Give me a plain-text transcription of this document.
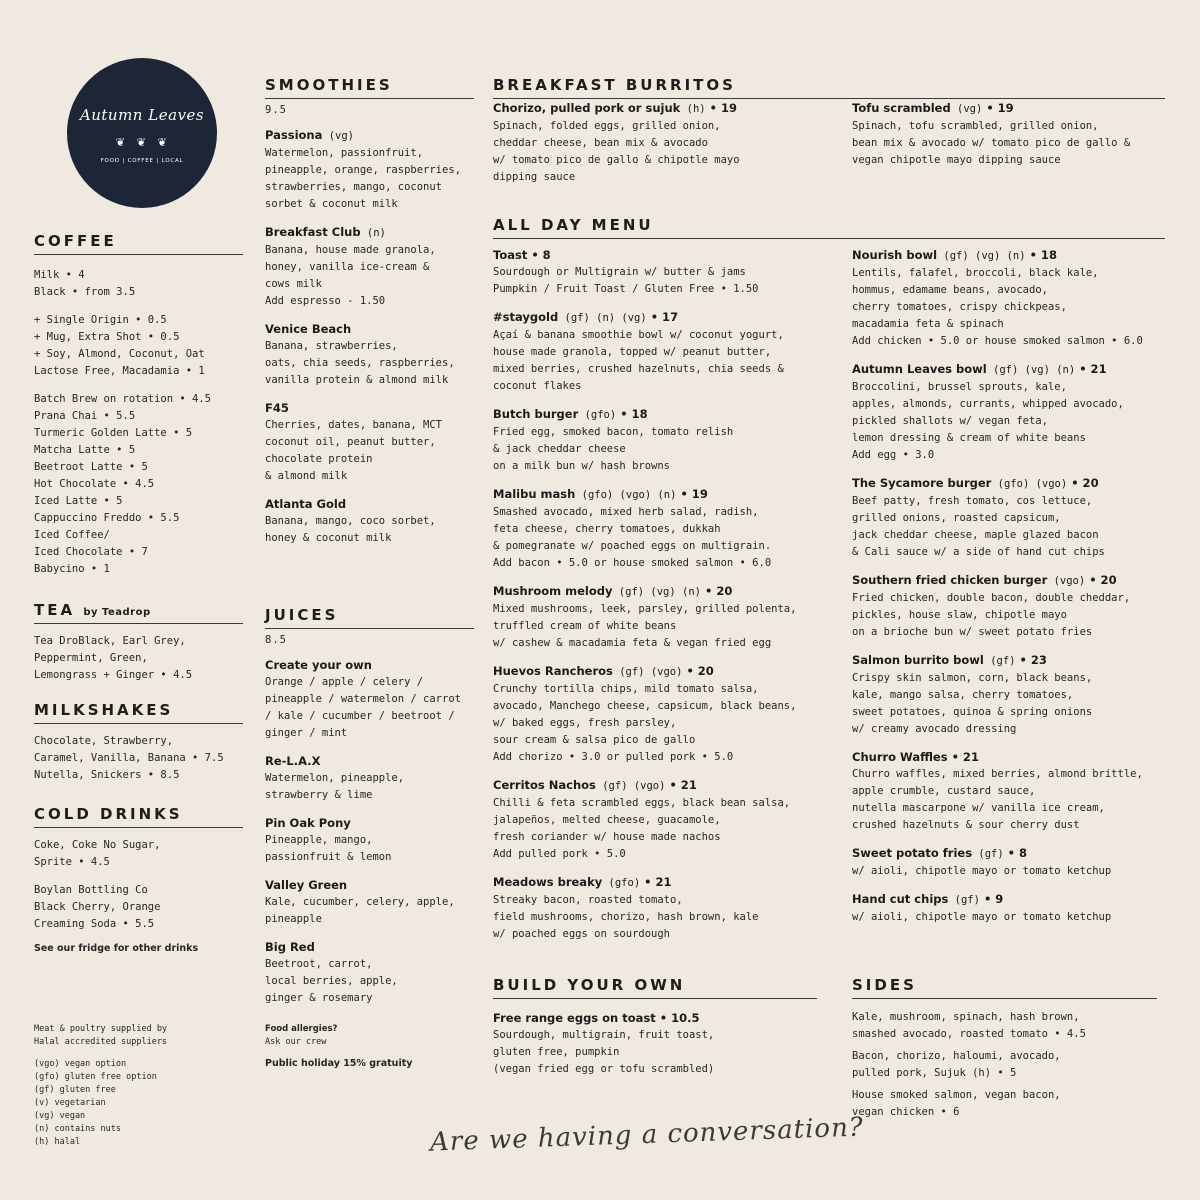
Autumn Leaves
❦ ❦ ❦
FOOD | COFFEE | LOCAL
COFFEE
Milk • 4
Black • from 3.5
+ Single Origin • 0.5
+ Mug, Extra Shot • 0.5
+ Soy, Almond, Coconut, Oat
Lactose Free, Macadamia • 1
Batch Brew on rotation • 4.5
Prana Chai • 5.5
Turmeric Golden Latte • 5
Matcha Latte • 5
Beetroot Latte • 5
Hot Chocolate • 4.5
Iced Latte • 5
Cappuccino Freddo • 5.5
Iced Coffee/
Iced Chocolate • 7
Babycino • 1
TEA by Teadrop
Tea DroBlack, Earl Grey,
Peppermint, Green,
Lemongrass + Ginger • 4.5
MILKSHAKES
Chocolate, Strawberry,
Caramel, Vanilla, Banana • 7.5
Nutella, Snickers • 8.5
COLD DRINKS
Coke, Coke No Sugar,
Sprite • 4.5
Boylan Bottling Co
Black Cherry, Orange
Creaming Soda • 5.5
See our fridge for other drinks
Meat & poultry supplied by
Halal accredited suppliers
(vgo) vegan option
(gfo) gluten free option
(gf) gluten free
(v) vegetarian
(vg) vegan
(n) contains nuts
(h) halal
SMOOTHIES
9.5
Passiona (vg)
Watermelon, passionfruit,
pineapple, orange, raspberries,
strawberries, mango, coconut
sorbet & coconut milk
Breakfast Club (n)
Banana, house made granola,
honey, vanilla ice-cream &
cows milk
Add espresso - 1.50
Venice Beach
Banana, strawberries,
oats, chia seeds, raspberries,
vanilla protein & almond milk
F45
Cherries, dates, banana, MCT
coconut oil, peanut butter,
chocolate protein
& almond milk
Atlanta Gold
Banana, mango, coco sorbet,
honey & coconut milk
JUICES
8.5
Create your own
Orange / apple / celery /
pineapple / watermelon / carrot
/ kale / cucumber / beetroot /
ginger / mint
Re-L.A.X
Watermelon, pineapple,
strawberry & lime
Pin Oak Pony
Pineapple, mango,
passionfruit & lemon
Valley Green
Kale, cucumber, celery, apple,
pineapple
Big Red
Beetroot, carrot,
local berries, apple,
ginger & rosemary
Food allergies?
Ask our crew
Public holiday 15% gratuity
BREAKFAST BURRITOS
Chorizo, pulled pork or sujuk (h) • 19
Spinach, folded eggs, grilled onion,
cheddar cheese, bean mix & avocado
w/ tomato pico de gallo & chipotle mayo
dipping sauce
Tofu scrambled (vg) • 19
Spinach, tofu scrambled, grilled onion,
bean mix & avocado w/ tomato pico de gallo &
vegan chipotle mayo dipping sauce
ALL DAY MENU
Toast • 8
Sourdough or Multigrain w/ butter & jams
Pumpkin / Fruit Toast / Gluten Free • 1.50
#staygold (gf) (n) (vg) • 17
Açaí & banana smoothie bowl w/ coconut yogurt,
house made granola, topped w/ peanut butter,
mixed berries, crushed hazelnuts, chia seeds &
coconut flakes
Butch burger (gfo) • 18
Fried egg, smoked bacon, tomato relish
& jack cheddar cheese
on a milk bun w/ hash browns
Malibu mash (gfo) (vgo) (n) • 19
Smashed avocado, mixed herb salad, radish,
feta cheese, cherry tomatoes, dukkah
& pomegranate w/ poached eggs on multigrain.
Add bacon • 5.0 or house smoked salmon • 6.0
Mushroom melody (gf) (vg) (n) • 20
Mixed mushrooms, leek, parsley, grilled polenta,
truffled cream of white beans
w/ cashew & macadamia feta & vegan fried egg
Huevos Rancheros (gf) (vgo) • 20
Crunchy tortilla chips, mild tomato salsa,
avocado, Manchego cheese, capsicum, black beans,
w/ baked eggs, fresh parsley,
sour cream & salsa pico de gallo
Add chorizo • 3.0 or pulled pork • 5.0
Cerritos Nachos (gf) (vgo) • 21
Chilli & feta scrambled eggs, black bean salsa,
jalapeños, melted cheese, guacamole,
fresh coriander w/ house made nachos
Add pulled pork • 5.0
Meadows breaky (gfo) • 21
Streaky bacon, roasted tomato,
field mushrooms, chorizo, hash brown, kale
w/ poached eggs on sourdough
Nourish bowl (gf) (vg) (n) • 18
Lentils, falafel, broccoli, black kale,
hommus, edamame beans, avocado,
cherry tomatoes, crispy chickpeas,
macadamia feta & spinach
Add chicken • 5.0 or house smoked salmon • 6.0
Autumn Leaves bowl (gf) (vg) (n) • 21
Broccolini, brussel sprouts, kale,
apples, almonds, currants, whipped avocado,
pickled shallots w/ vegan feta,
lemon dressing & cream of white beans
Add egg • 3.0
The Sycamore burger (gfo) (vgo) • 20
Beef patty, fresh tomato, cos lettuce,
grilled onions, roasted capsicum,
jack cheddar cheese, maple glazed bacon
& Cali sauce w/ a side of hand cut chips
Southern fried chicken burger (vgo) • 20
Fried chicken, double bacon, double cheddar,
pickles, house slaw, chipotle mayo
on a brioche bun w/ sweet potato fries
Salmon burrito bowl (gf) • 23
Crispy skin salmon, corn, black beans,
kale, mango salsa, cherry tomatoes,
sweet potatoes, quinoa & spring onions
w/ creamy avocado dressing
Churro Waffles • 21
Churro waffles, mixed berries, almond brittle,
apple crumble, custard sauce,
nutella mascarpone w/ vanilla ice cream,
crushed hazelnuts & sour cherry dust
Sweet potato fries (gf) • 8
w/ aioli, chipotle mayo or tomato ketchup
Hand cut chips (gf) • 9
w/ aioli, chipotle mayo or tomato ketchup
BUILD YOUR OWN
Free range eggs on toast • 10.5
Sourdough, multigrain, fruit toast,
gluten free, pumpkin
(vegan fried egg or tofu scrambled)
SIDES
Kale, mushroom, spinach, hash brown,
smashed avocado, roasted tomato • 4.5
Bacon, chorizo, haloumi, avocado,
pulled pork, Sujuk (h) • 5
House smoked salmon, vegan bacon,
vegan chicken • 6
Are we having a conversation?
